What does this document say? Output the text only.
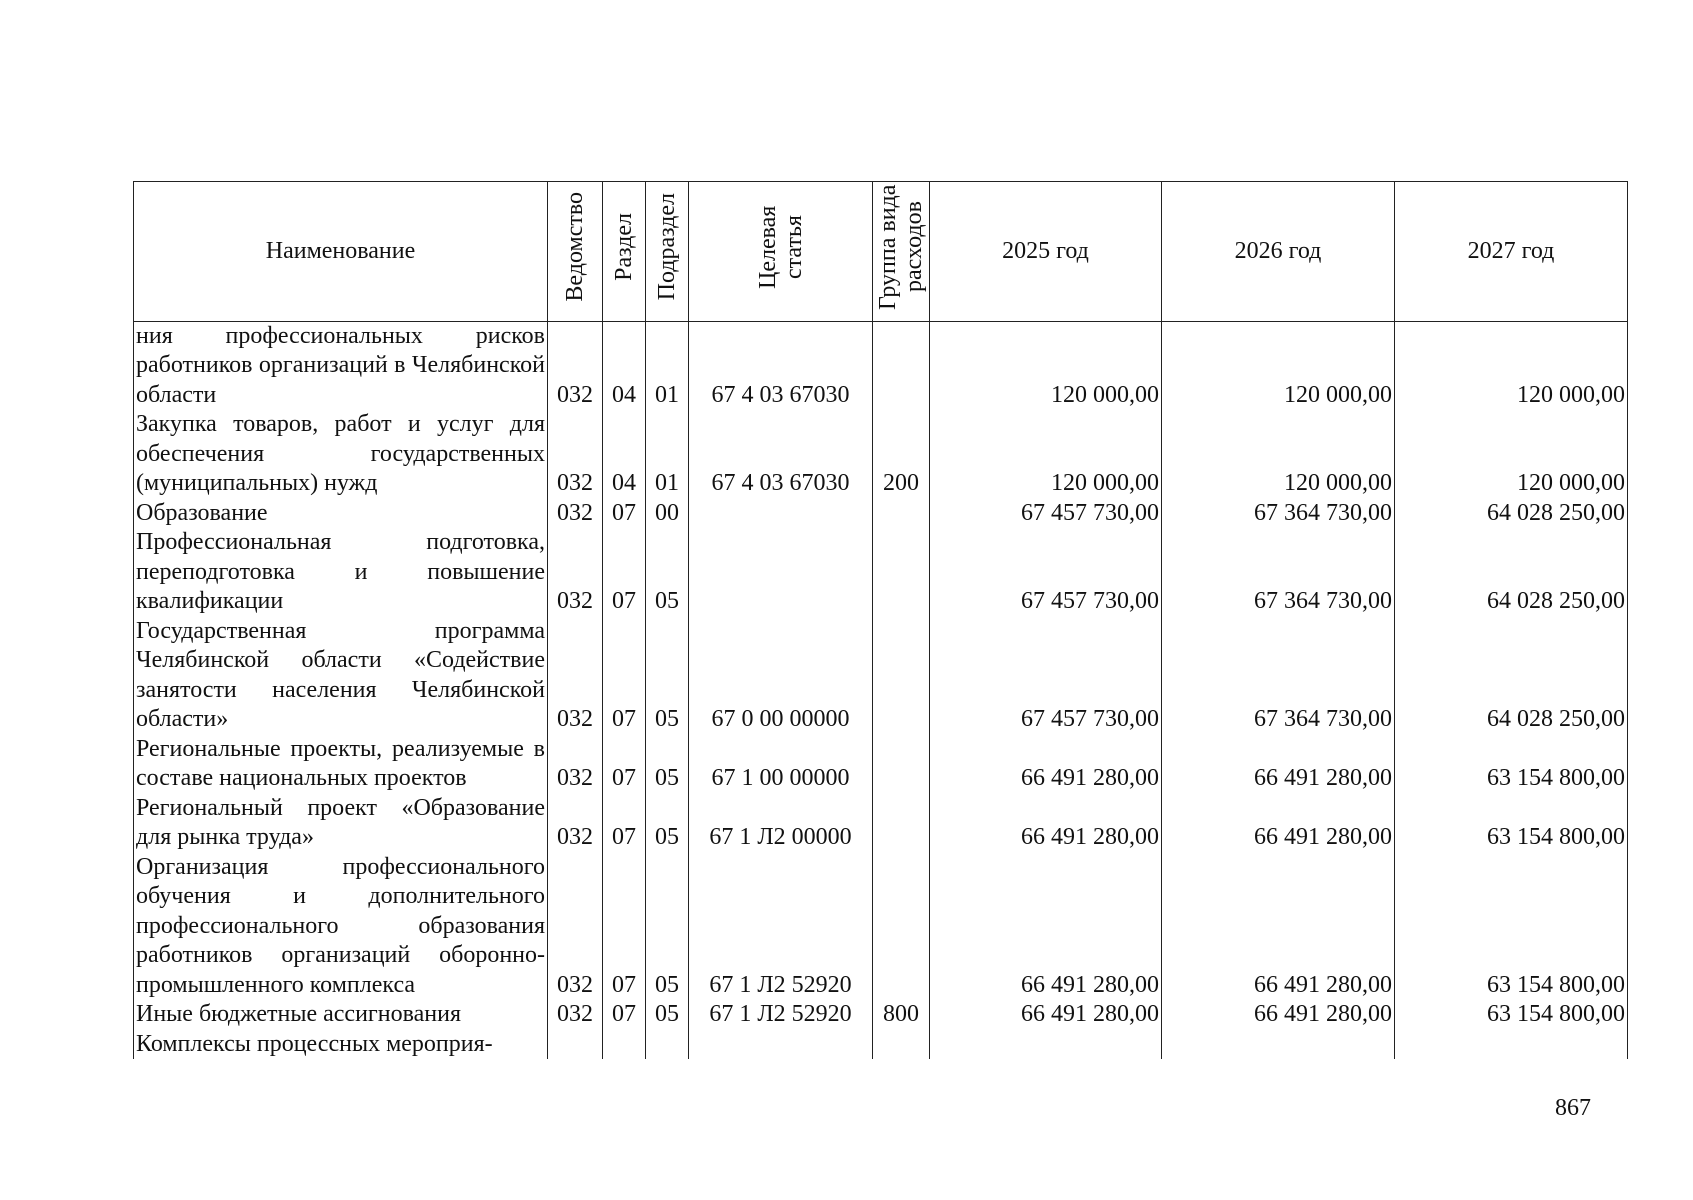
Наименование	Ведомство	Раздел	Подраздел	Целевая статья	Группа вида расходов	2025 год	2026 год	2027 год
ния профессиональных рисков работников организаций в Челябинской области	032	04	01	67 4 03 67030		120 000,00	120 000,00	120 000,00
Закупка товаров, работ и услуг для обеспечения государственных (муниципальных) нужд	032	04	01	67 4 03 67030	200	120 000,00	120 000,00	120 000,00
Образование	032	07	00			67 457 730,00	67 364 730,00	64 028 250,00
Профессиональная подготовка, переподготовка и повышение квалификации	032	07	05			67 457 730,00	67 364 730,00	64 028 250,00
Государственная программа Челябинской области «Содействие занятости населения Челябинской области»	032	07	05	67 0 00 00000		67 457 730,00	67 364 730,00	64 028 250,00
Региональные проекты, реализуемые в составе национальных проектов	032	07	05	67 1 00 00000		66 491 280,00	66 491 280,00	63 154 800,00
Региональный проект «Образование для рынка труда»	032	07	05	67 1 Л2 00000		66 491 280,00	66 491 280,00	63 154 800,00
Организация профессионального обучения и дополнительного профессионального образования работников организаций оборонно-промышленного комплекса	032	07	05	67 1 Л2 52920		66 491 280,00	66 491 280,00	63 154 800,00
Иные бюджетные ассигнования	032	07	05	67 1 Л2 52920	800	66 491 280,00	66 491 280,00	63 154 800,00
Комплексы процессных мероприя-								
867
